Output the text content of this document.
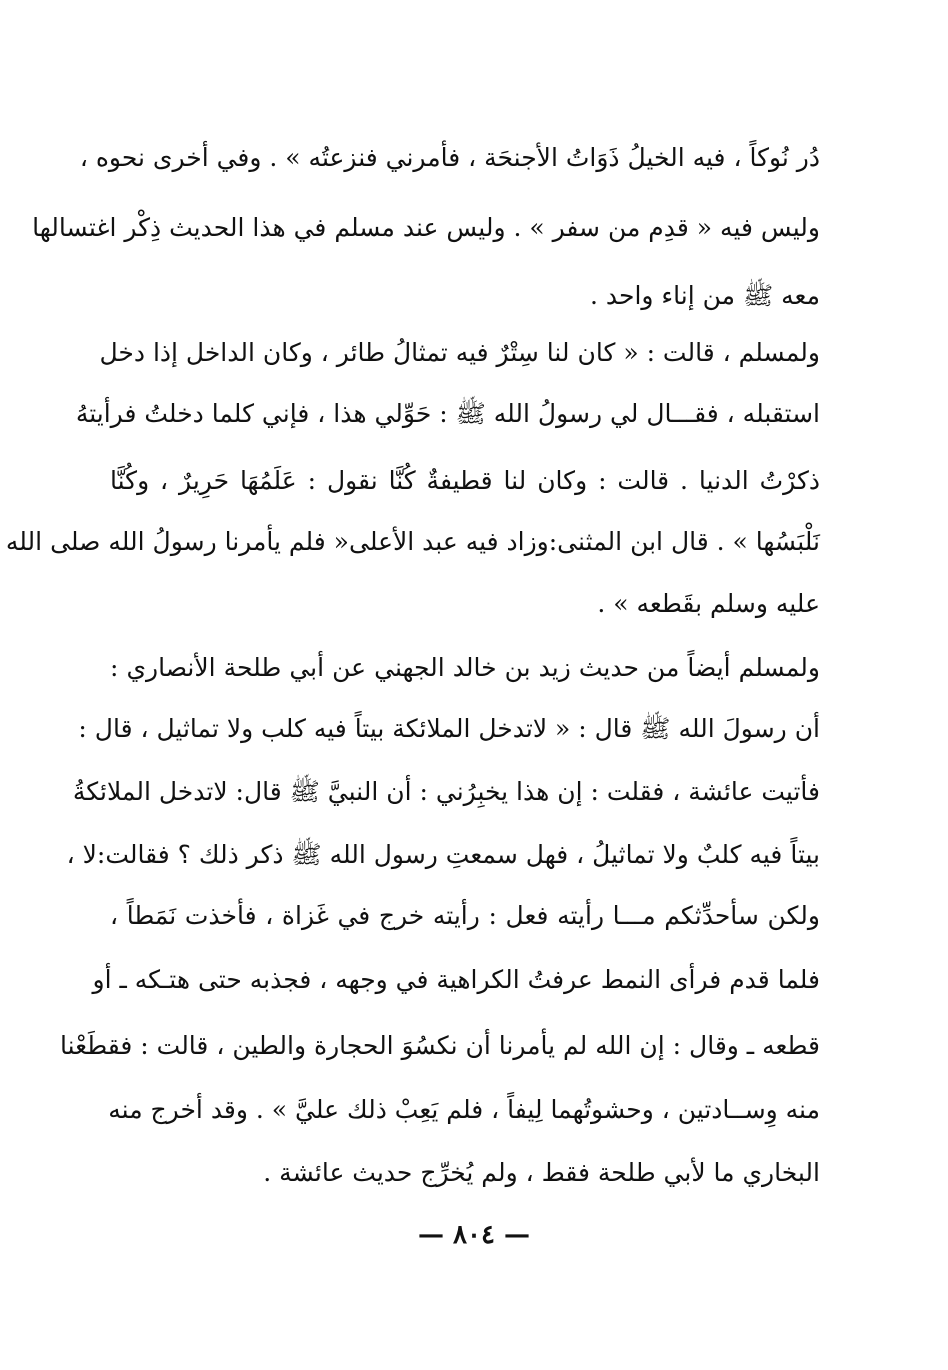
دُر نُوكاً ، فيه الخيلُ ذَوَاتُ الأجنحَة ، فأمرني فنزعتُه » . وفي أخرى نحوه ،
وليس فيه « قدِم من سفر » . وليس عند مسلم في هذا الحديث ذِكْر اغتسالها
معه ﷺ من إناء واحد .
ولمسلم ، قالت : « كان لنا سِتْرٌ فيه تمثالُ طائر ، وكان الداخل إذا دخل
استقبله ، فقـــال لي رسولُ الله ﷺ : حَوِّلي هذا ، فإني كلما دخلتُ فرأيتهُ
ذكرْتُ الدنيا . قالت : وكان لنا قطيفةٌ كُنَّا نقول : عَلَمُهَا حَرِيرٌ ، وكُنَّا
نَلْبَسُها » . قال ابن المثنى:وزاد فيه عبد الأعلى« فلم يأمرنا رسولُ الله صلى الله
عليه وسلم بقَطعه » .
ولمسلم أيضاً من حديث زيد بن خالد الجهني عن أبي طلحة الأنصاري :
أن رسولَ الله ﷺ قال : « لاتدخل الملائكة بيتاً فيه كلب ولا تماثيل ، قال :
فأتيت عائشة ، فقلت : إن هذا يخبِرُني : أن النبيَّ ﷺ قال: لاتدخل الملائكةُ
بيتاً فيه كلبٌ ولا تماثيلُ ، فهل سمعتِ رسول الله ﷺ ذكر ذلك ؟ فقالت:لا ،
ولكن سأحدِّثكم مـــا رأيته فعل : رأيته خرج في غَزاة ، فأخذت نَمَطاً ،
فلما قدم فرأى النمط عرفتُ الكراهية في وجهه ، فجذبه حتى هتـكه ـ أو
قطعه ـ وقال : إن الله لم يأمرنا أن نكسُوَ الحجارة والطين ، قالت : فقطَعْنا
منه وِســادتين ، وحشوتُهما لِيفاً ، فلم يَعِبْ ذلك عليَّ » . وقد أخرج منه
البخاري ما لأبي طلحة فقط ، ولم يُخرِّج حديث عائشة .
— ٨٠٤ —
